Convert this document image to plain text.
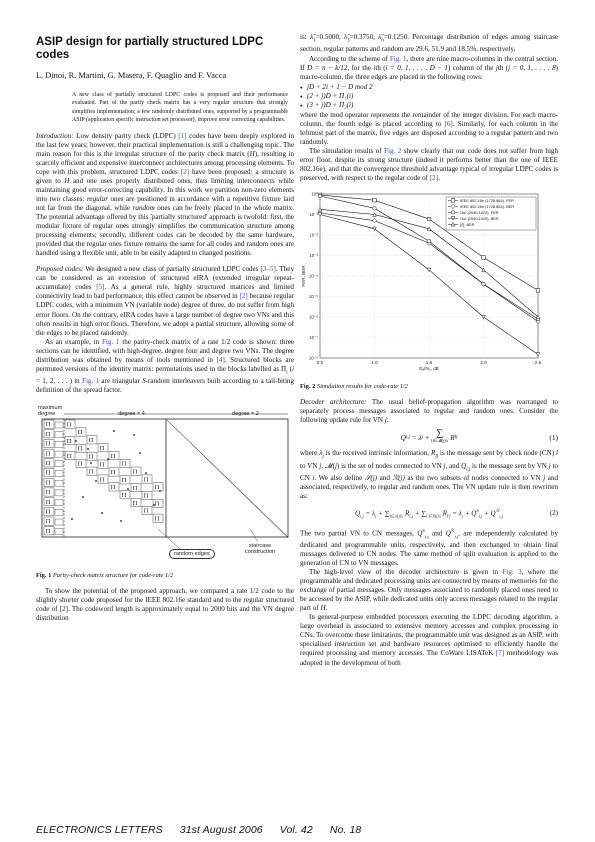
ASIP design for partially structured LDPC codes

L. Dinoi, R. Martini, G. Masera, F. Quaglio and F. Vacca

A new class of partially structured LDPC codes is proposed and their performance evaluated. Part of the parity check matrix has a very regular structure that strongly simplifies implementation; a few randomly distributed ones, supported by a programmable ASIP (application specific instruction set processor), improve error correcting capabilities.

Introduction: Low density parity check (LDPC) [1] codes have been deeply explored in the last few years; however, their practical implementation is still a challenging topic. The main reason for this is the irregular structure of the parity check matrix (H), resulting in scarcely efficient and expensive interconnect architectures among processing elements. To cope with this problem, structured LDPC codes [2] have been proposed: a structure is given to H and one uses properly distributed ones, thus limiting interconnects while maintaining good error-correcting capability. In this work we partition non-zero elements into two classes: regular ones are positioned in accordance with a repetitive fixture laid not far from the diagonal, while random ones can be freely placed in the whole matrix. The potential advantage offered by this 'partially structured' approach is twofold: first, the modular fixture of regular ones strongly simplifies the communication structure among processing elements; secondly, different codes can be decoded by the same hardware, provided that the regular ones fixture remains the same for all codes and random ones are handled using a flexible unit, able to be easily adapted to changed positions.

Proposed codes: We designed a new class of partially structured LDPC codes [3–5]. They can be considered as an extension of structured eIRA (extended irregular repeat-accumulate) codes [5]. As a general rule, highly structured matrices and limited connectivity lead to bad performance; this effect cannot be observed in [2] because regular LDPC codes, with a minimum VN (variable node) degree of three, do not suffer from high error floors. On the contrary, eIRA codes have a large number of degree two VNs and this often results in high error floors. Therefore, we adopt a partial structure, allowing some of the edges to be placed randomly.

As an example, in Fig. 1 the parity-check matrix of a rate 1/2 code is shown: three sections can be identified, with high-degree, degree four and degree two VNs. The degree distribution was obtained by means of tools mentioned in [4]. Structured blocks are permuted versions of the identity matrix: permutations used in the blocks labelled as $\Pi_i$ (i = 1, 2, . . . ) in Fig. 1 are triangular S-random interleavers built according to a tail-biting definition of the spread factor.

Π
Π
Π
Π
Π
Π
Π
Π
Π
Π
Π
Π
Π
Π
Π
Π
Π
Π
Π
Π
Π
Π
Π
Π
Π
Π
Π
Π
Π
Π
Π
Π
Π
Π
Π
Π
Π
Π
Π
maximum degree	degree = 4	degree = 2
random edges
staircase construction

Fig. 1 Parity-check matrix structure for code-rate 1/2

To show the potential of the proposed approach, we compared a rate 1/2 code to the slightly shorter code proposed for the IEEE 802.16e standard and to the regular structured code of [2]. The codeword length is approximately equal to 2000 bits and the VN degree distribution

is: $\lambdã_1=0.5000$, $\lambdã_3=0.3750$, $\lambdã_6=0.1250$. Percentage distribution of edges among staircase section, regular patterns and random are 29.6, 51.9 and 18.5%, respectively.

According to the scheme of Fig. 1, there are nine macro-columns in the central section. If D = n − k/12, for the ith (i = 0, 1, . . . , D − 1) column of the jth (j = 0, 1, . . . , 8) macro-column, the three edges are placed in the following rows:

● jD + 2i + 1 − D mod 2
● (2 + j)D + Π₁(i)
● (3 + j)D + Π₂(i)

where the mod operator represents the remainder of the integer division. For each macro-column, the fourth edge is placed according to [6]. Similarly, for each column in the leftmost part of the matrix, five edges are disposed according to a regular pattern and two randomly.

The simulation results of Fig. 2 show clearly that our code does not suffer from high error floor, despite its strong structure (indeed it performs better than the one of IEEE 802.16e), and that the convergence threshold advantage typical of irregular LDPC codes is preserved, with respect to the regular code of [2].

10⁰
10⁻¹
10⁻²
10⁻³
10⁻⁴
10⁻⁵
10⁻⁶
10⁻⁷
10⁻⁸
0.5	1.0	1.5	2.0	2.5
Eₐ/N₀, dB
FER, BER
IEEE 802.16e (1728,864), FER
IEEE 802.16e (1728,864), BER
Our (2040,1020), FER
Our (2040,1020), BER
[2], BER

Fig. 2 Simulation results for code-rate 1/2

Decoder architecture: The usual belief-propagation algorithm was rearranged to separately process messages associated to regular and random ones. Consider the following update rule for VN j:

Q i,j
= λ j
+
∑
l∈𝓜(j)\i
R lj	(1)

where $\lambda_j$ is the received intrinsic information, $R_{lj}$ is the message sent by check node (CN) l to VN j, 𝓜(j) is the set of nodes connected to VN j, and $Q_{i,j}$ is the message sent by VN j to CN i. We also define 𝒮(j) and ℛ(j) as the two subsets of nodes connected to VN j and associated, respectively, to regular and random ones. The VN update rule is then rewritten as:

$Q_{i,j} = \lambda_j + \sum_{l\in 𝒮(j)\backslash i}$ $R_{l,j} + \sum_{l'\in ℛ(j)\backslash i}$ $R_{l'j} = \lambda_j + Q^S_{i,j} + Q^ℛ_{i,j}$	(2)

The two partial VN to CN messages, $Q^S_{i,j}$ and $Q^ℛ_{i,j}$, are independently calculated by dedicated and programmable units, respectively, and then exchanged to obtain final messages delivered to CN nodes. The same method of split evaluation is applied to the generation of CN to VN messages.

The high-level view of the decoder architecture is given in Fig. 3, where the programmable and dedicated processing units are connected by means of memories for the exchange of partial messages. Only messages associated to randomly placed ones need to be accessed by the ASIP, while dedicated units only access messages related to the regular part of H.

In general-purpose embedded processors executing the LDPC decoding algorithm, a large overhead is associated to extensive memory accesses and complex processing in CNs. To overcome these limitations, the programmable unit was designed as an ASIP, with specialised instruction set and hardware resources optimised to efficiently handle the required processing and memory accesses. The CoWare LISATeK [7] methodology was adopted in the development of both

ELECTRONICS LETTERS 31st August 2006 Vol. 42 No. 18
